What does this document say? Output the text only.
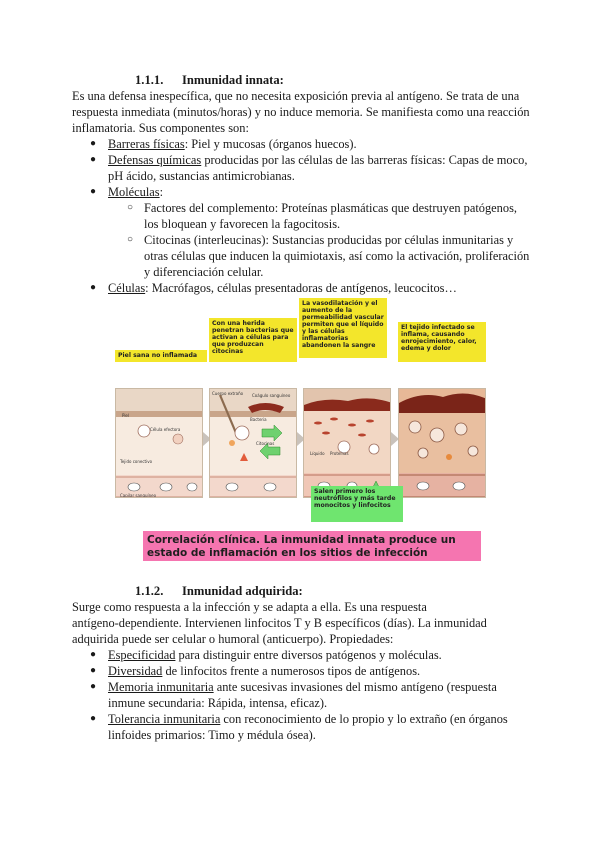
1.1.1. Inmunidad innata:
Es una defensa inespecífica, que no necesita exposición previa al antígeno. Se trata de una respuesta inmediata (minutos/horas) y no induce memoria. Se manifiesta como una reacción inflamatoria. Sus componentes son:
● Barreras físicas: Piel y mucosas (órganos huecos).
● Defensas químicas producidas por las células de las barreras físicas: Capas de moco, pH ácido, sustancias antimicrobianas.
● Moléculas:
○ Factores del complemento: Proteínas plasmáticas que destruyen patógenos, los bloquean y favorecen la fagocitosis.
○ Citocinas (interleucinas): Sustancias producidas por células inmunitarias y otras células que inducen la quimiotaxis, así como la activación, proliferación y diferenciación celular.
● Células: Macrófagos, células presentadoras de antígenos, leucocitos…
Piel sana no inflamada
Con una herida penetran bacterias que activan a células para que produzcan citocinas
La vasodilatación y el aumento de la permeabilidad vascular permiten que el líquido y las células inflamatorias abandonen la sangre
El tejido infectado se inflama, causando enrojecimiento, calor, edema y dolor
Piel
Célula efectora
Tejido conectivo
Capilar sanguíneo
Cuerpo extraño Coágulo sanguíneo
Bacteria
Citocinas
Líquido Proteínas
Salen primero los neutrófilos y más tarde monocitos y linfocitos
Correlación clínica. La inmunidad innata produce un estado de inflamación en los sitios de infección
1.1.2. Inmunidad adquirida:
Surge como respuesta a la infección y se adapta a ella. Es una respuesta
antígeno-dependiente. Intervienen linfocitos T y B específicos (días). La inmunidad adquirida puede ser celular o humoral (anticuerpo). Propiedades:
● Especificidad para distinguir entre diversos patógenos y moléculas.
● Diversidad de linfocitos frente a numerosos tipos de antígenos.
● Memoria inmunitaria ante sucesivas invasiones del mismo antígeno (respuesta inmune secundaria: Rápida, intensa, eficaz).
● Tolerancia inmunitaria con reconocimiento de lo propio y lo extraño (en órganos linfoides primarios: Timo y médula ósea).
